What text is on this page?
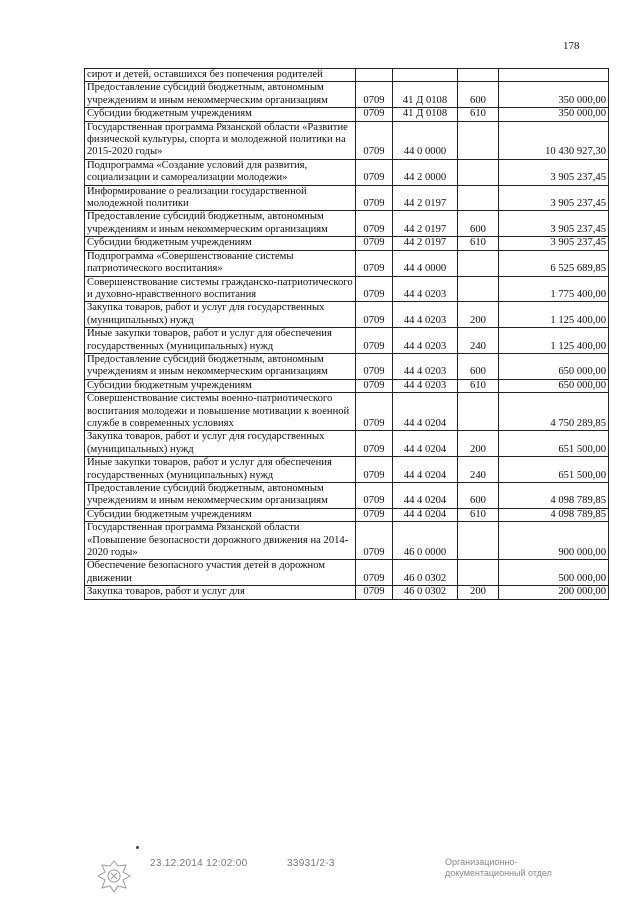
178
сирот и детей, оставшихся без попечения родителей				
Предоставление субсидий бюджетным, автономным учреждениям и иным некоммерческим организациям	0709	41 Д 0108	600	350 000,00
Субсидии бюджетным учреждениям	0709	41 Д 0108	610	350 000,00
Государственная программа Рязанской области «Развитие физической культуры, спорта и молодежной политики на 2015-2020 годы»	0709	44 0 0000		10 430 927,30
Подпрограмма «Создание условий для развития, социализации и самореализации молодежи»	0709	44 2 0000		3 905 237,45
Информирование о реализации государственной молодежной политики	0709	44 2 0197		3 905 237,45
Предоставление субсидий бюджетным, автономным учреждениям и иным некоммерческим организациям	0709	44 2 0197	600	3 905 237,45
Субсидии бюджетным учреждениям	0709	44 2 0197	610	3 905 237,45
Подпрограмма «Совершенствование системы патриотического воспитания»	0709	44 4 0000		6 525 689,85
Совершенствование системы гражданско-патриотического и духовно-нравственного воспитания	0709	44 4 0203		1 775 400,00
Закупка товаров, работ и услуг для государственных (муниципальных) нужд	0709	44 4 0203	200	1 125 400,00
Иные закупки товаров, работ и услуг для обеспечения государственных (муниципальных) нужд	0709	44 4 0203	240	1 125 400,00
Предоставление субсидий бюджетным, автономным учреждениям и иным некоммерческим организациям	0709	44 4 0203	600	650 000,00
Субсидии бюджетным учреждениям	0709	44 4 0203	610	650 000,00
Совершенствование системы военно-патриотического воспитания молодежи и повышение мотивации к военной службе в современных условиях	0709	44 4 0204		4 750 289,85
Закупка товаров, работ и услуг для государственных (муниципальных) нужд	0709	44 4 0204	200	651 500,00
Иные закупки товаров, работ и услуг для обеспечения государственных (муниципальных) нужд	0709	44 4 0204	240	651 500,00
Предоставление субсидий бюджетным, автономным учреждениям и иным некоммерческим организациям	0709	44 4 0204	600	4 098 789,85
Субсидии бюджетным учреждениям	0709	44 4 0204	610	4 098 789,85
Государственная программа Рязанской области «Повышение безопасности дорожного движения на 2014-2020 годы»	0709	46 0 0000		900 000,00
Обеспечение безопасного участия детей в дорожном движении	0709	46 0 0302		500 000,00
Закупка товаров, работ и услуг для	0709	46 0 0302	200	200 000,00
23.12.2014 12:02:00	33931/2-3	Организационно-
документационный отдел
